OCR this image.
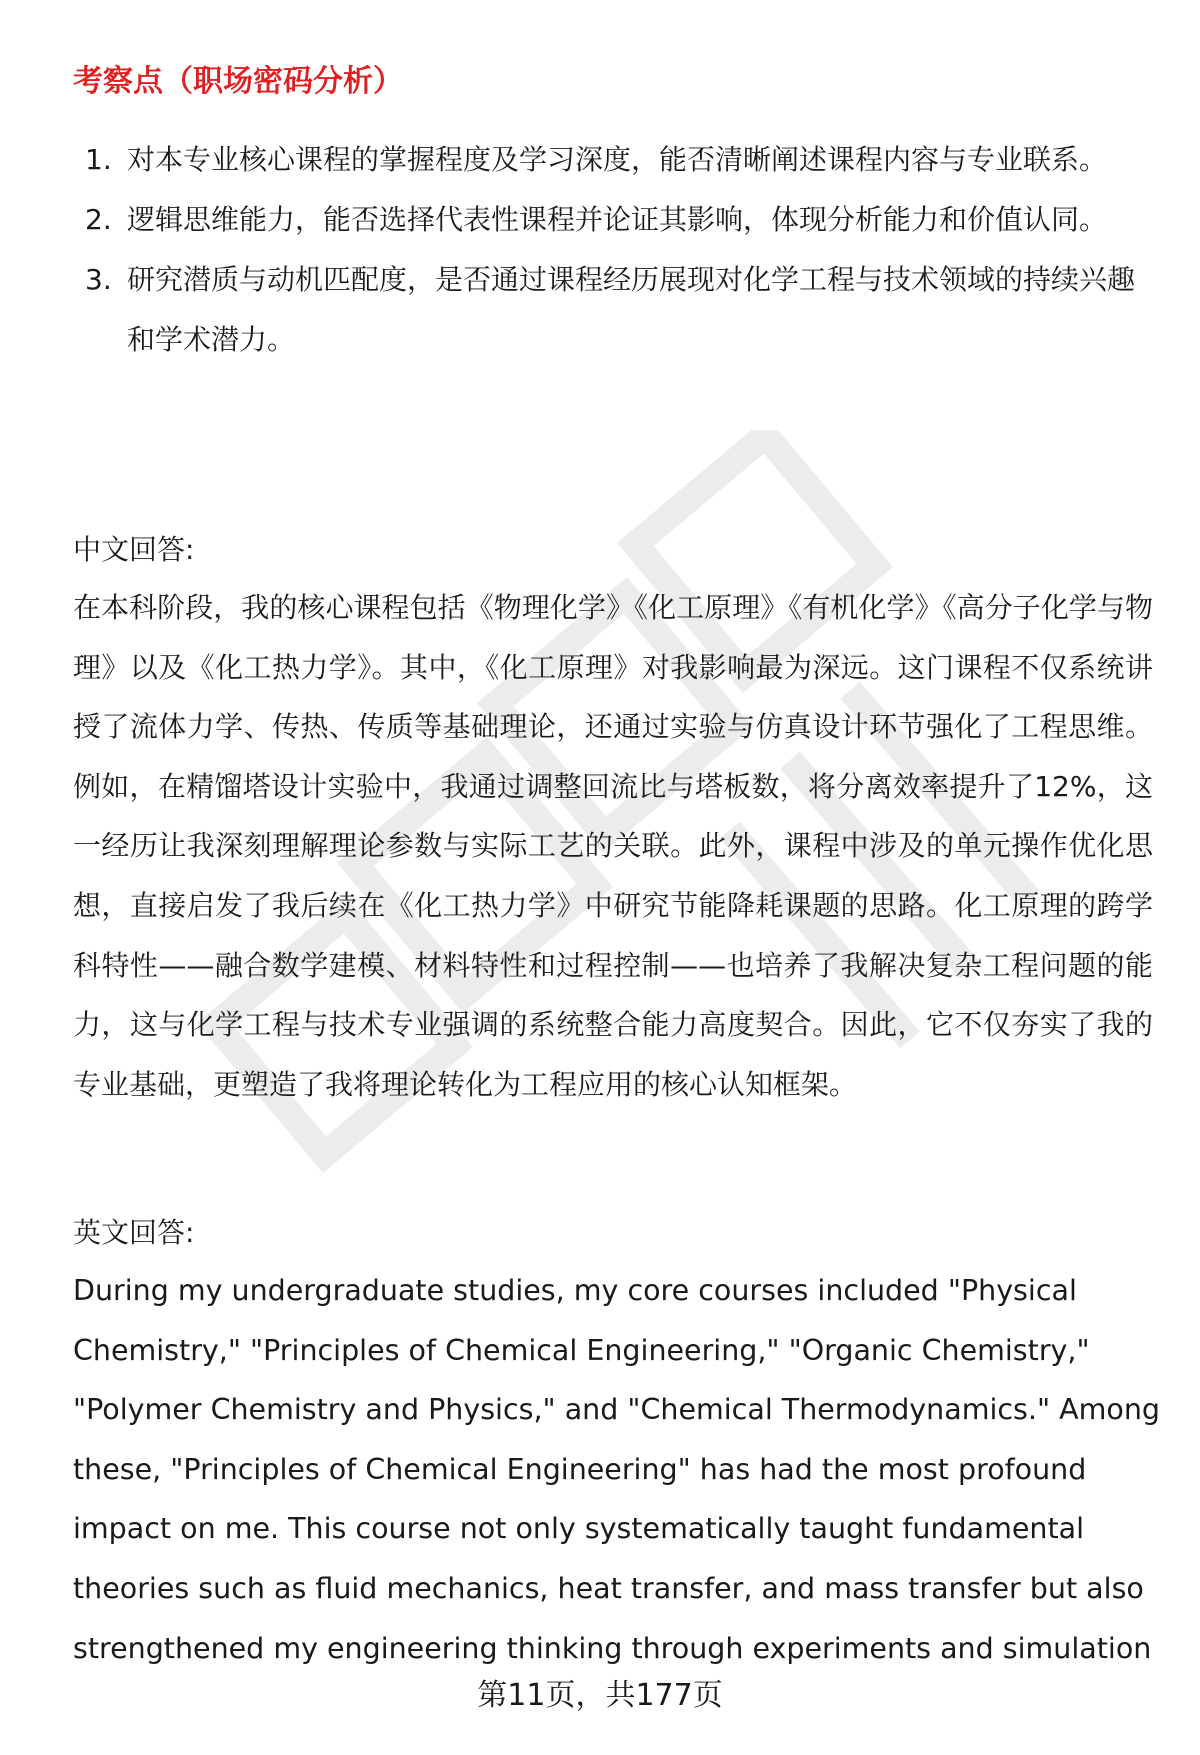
考察点（职场密码分析）
1. 对本专业核心课程的掌握程度及学习深度，能否清晰阐述课程内容与专业联系。
2. 逻辑思维能力，能否选择代表性课程并论证其影响，体现分析能力和价值认同。
3. 研究潜质与动机匹配度，是否通过课程经历展现对化学工程与技术领域的持续兴趣和学术潜力。
中文回答:
在本科阶段，我的核心课程包括《物理化学》《化工原理》《有机化学》《高分子化学与物理》以及《化工热力学》。其中，《化工原理》对我影响最为深远。这门课程不仅系统讲授了流体力学、传热、传质等基础理论，还通过实验与仿真设计环节强化了工程思维。例如，在精馏塔设计实验中，我通过调整回流比与塔板数，将分离效率提升了12%，这一经历让我深刻理解理论参数与实际工艺的关联。此外，课程中涉及的单元操作优化思想，直接启发了我后续在《化工热力学》中研究节能降耗课题的思路。化工原理的跨学科特性——融合数学建模、材料特性和过程控制——也培养了我解决复杂工程问题的能力，这与化学工程与技术专业强调的系统整合能力高度契合。因此，它不仅夯实了我的专业基础，更塑造了我将理论转化为工程应用的核心认知框架。
英文回答:
During my undergraduate studies, my core courses included "Physical Chemistry," "Principles of Chemical Engineering," "Organic Chemistry," "Polymer Chemistry and Physics," and "Chemical Thermodynamics." Among these, "Principles of Chemical Engineering" has had the most profound impact on me. This course not only systematically taught fundamental theories such as fluid mechanics, heat transfer, and mass transfer but also strengthened my engineering thinking through experiments and simulation
第11页，共177页
